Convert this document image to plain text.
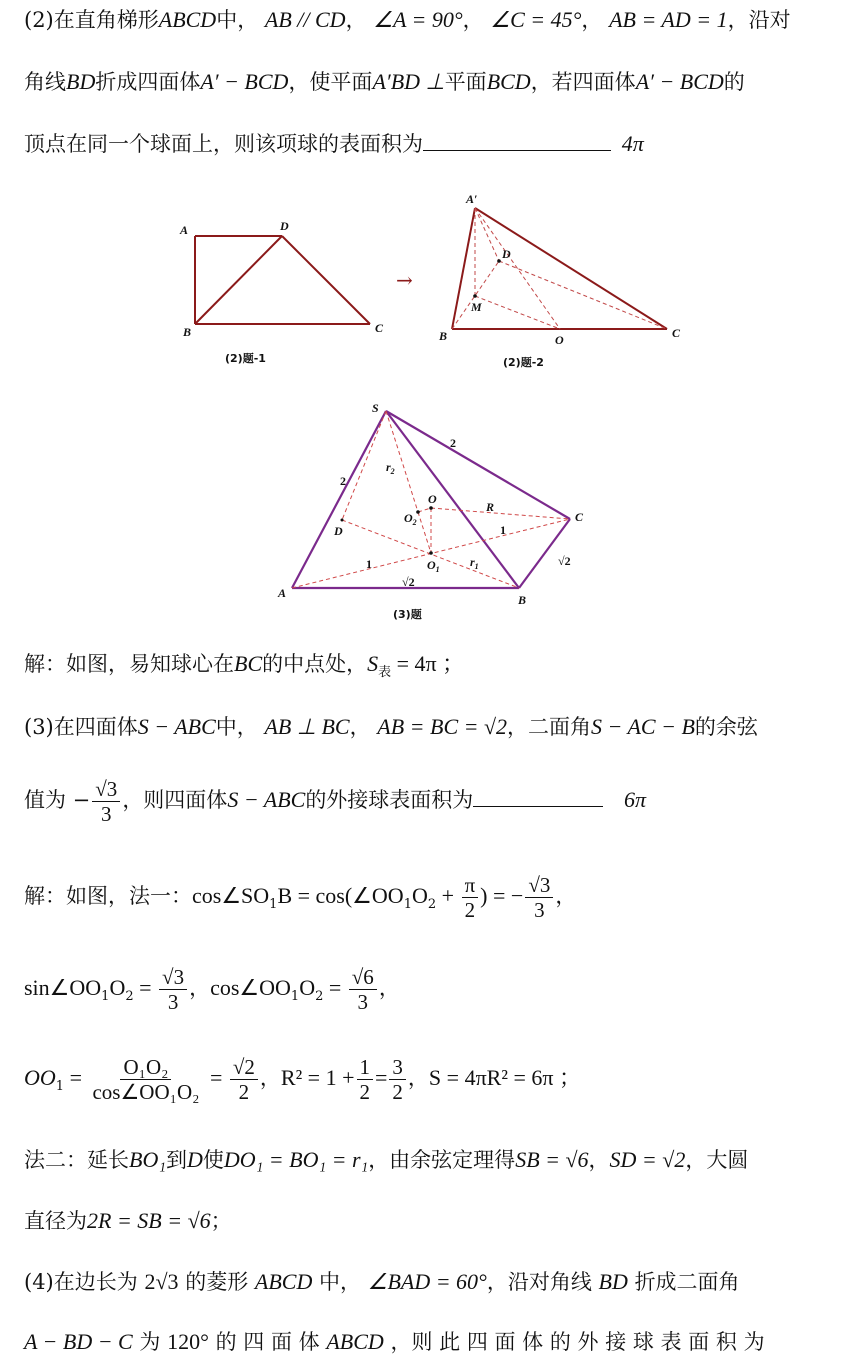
(2)在直角梯形ABCD中， AB // CD， ∠A = 90°， ∠C = 45°， AB = AD = 1，沿对
角线BD折成四面体A′ − BCD，使平面A′BD ⊥平面BCD，若四面体A′ − BCD的
顶点在同一个球面上，则该项球的表面积为	4π
A	D
B	C
(2)题-1
→
A′
D
M
B	O	C
(2)题-2
S
A	B
C
D
O
$O_2$
$O_1$
$r_2$
$r_1$
R
2
2
√2
√2
1
1
(3)题
解：如图，易知球心在BC的中点处，$S_表 = 4\pi$ ；
(3)在四面体S − ABC中， AB ⊥ BC， AB = BC = √2，二面角S − AC − B的余弦
值为 − $\frac{√3}{3}$ ，则四面体S − ABC的外接球表面积为	6π
解：如图，法一：$\cos\angle SO_1B$ = $\cos(\angle OO_1O_2 + \frac{\pi}{2}$ ) = − $\frac{√3}{3}$ ，
$\sin\angle OO_1O_2 = \frac{√3}{3}$ ，$\cos\angle OO_1O_2 = \frac{√6}{3}$ ，
$OO_1 = \frac{\text{O₁O₂}}{\text{cos∠OO₁O₂}} = \frac{√2}{2}$ ，$R^2 = 1 + \frac{1}{2} = \frac{3}{2}$ ，S = 4πR² = 6π ；
法二：延长BO₁到D使DO₁ = BO₁ = r₁，由余弦定理得SB = √6，SD = √2，大圆
直径为2R = SB = √6；
(4)在边长为 2√3 的菱形 ABCD 中， ∠BAD = 60°，沿对角线 BD 折成二面角
A − BD − C 为 120° 的 四 面 体 ABCD ，则 此 四 面 体 的 外 接 球 表 面 积 为
